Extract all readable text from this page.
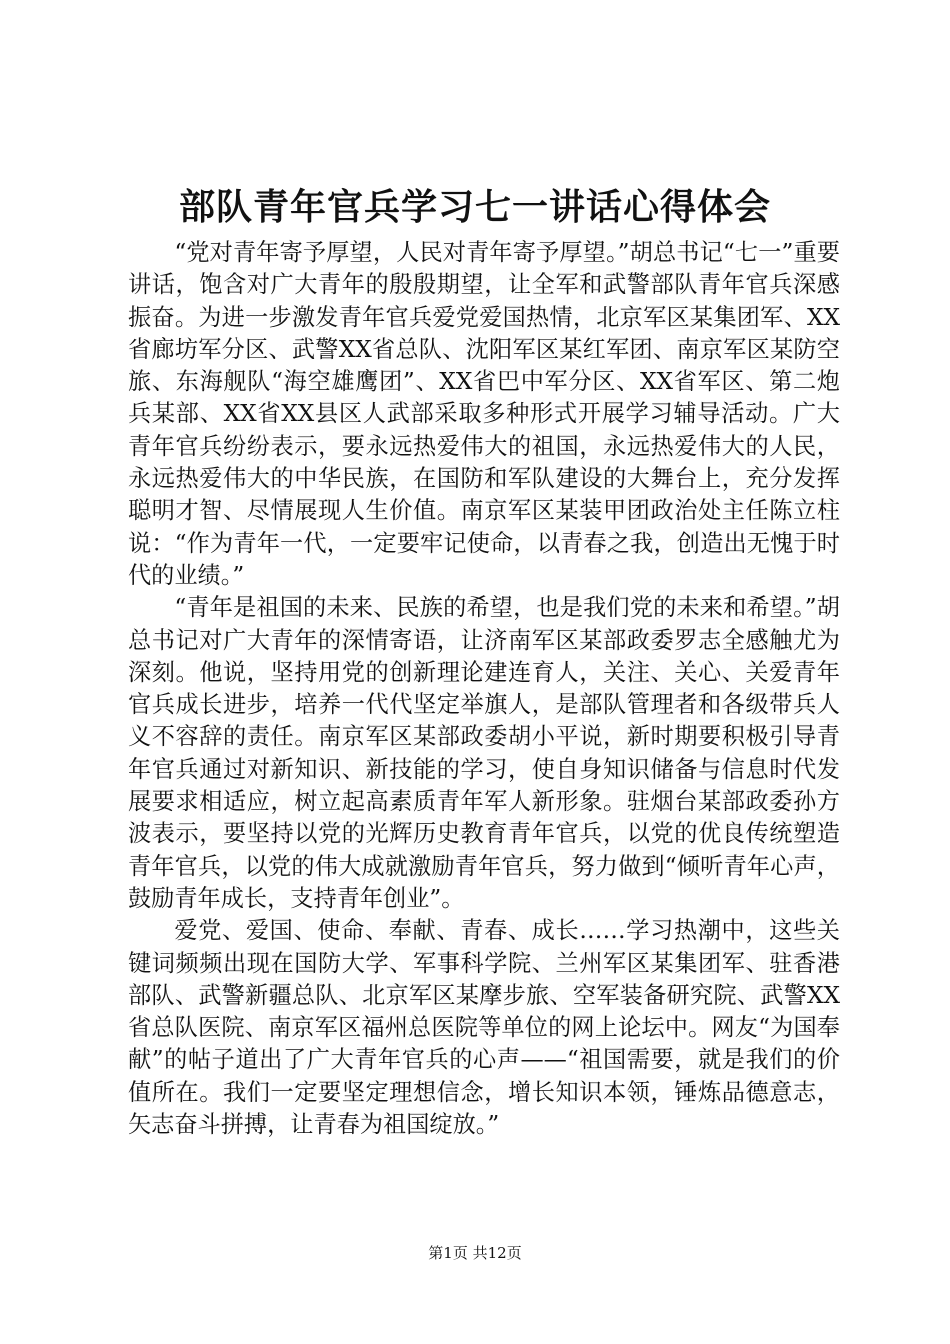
部队青年官兵学习七一讲话心得体会

“党对青年寄予厚望，人民对青年寄予厚望。”胡总书记“七一”重要讲话，饱含对广大青年的殷殷期望，让全军和武警部队青年官兵深感振奋。为进一步激发青年官兵爱党爱国热情，北京军区某集团军、XX省廊坊军分区、武警XX省总队、沈阳军区某红军团、南京军区某防空旅、东海舰队“海空雄鹰团”、XX省巴中军分区、XX省军区、第二炮兵某部、XX省XX县区人武部采取多种形式开展学习辅导活动。广大青年官兵纷纷表示，要永远热爱伟大的祖国，永远热爱伟大的人民，永远热爱伟大的中华民族，在国防和军队建设的大舞台上，充分发挥聪明才智、尽情展现人生价值。南京军区某装甲团政治处主任陈立柱说：“作为青年一代，一定要牢记使命，以青春之我，创造出无愧于时代的业绩。”

“青年是祖国的未来、民族的希望，也是我们党的未来和希望。”胡总书记对广大青年的深情寄语，让济南军区某部政委罗志全感触尤为深刻。他说，坚持用党的创新理论建连育人，关注、关心、关爱青年官兵成长进步，培养一代代坚定举旗人，是部队管理者和各级带兵人义不容辞的责任。南京军区某部政委胡小平说，新时期要积极引导青年官兵通过对新知识、新技能的学习，使自身知识储备与信息时代发展要求相适应，树立起高素质青年军人新形象。驻烟台某部政委孙方波表示，要坚持以党的光辉历史教育青年官兵，以党的优良传统塑造青年官兵，以党的伟大成就激励青年官兵，努力做到“倾听青年心声，鼓励青年成长，支持青年创业”。

爱党、爱国、使命、奉献、青春、成长……学习热潮中，这些关键词频频出现在国防大学、军事科学院、兰州军区某集团军、驻香港部队、武警新疆总队、北京军区某摩步旅、空军装备研究院、武警XX省总队医院、南京军区福州总医院等单位的网上论坛中。网友“为国奉献”的帖子道出了广大青年官兵的心声——“祖国需要，就是我们的价值所在。我们一定要坚定理想信念，增长知识本领，锤炼品德意志，矢志奋斗拼搏，让青春为祖国绽放。”

第1页 共12页
